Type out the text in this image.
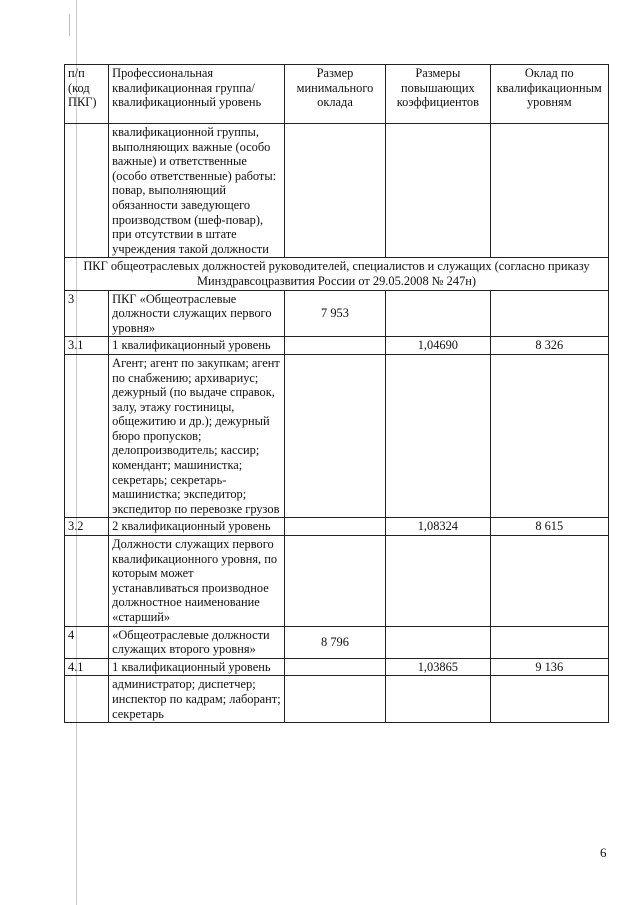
п/п (код ПКГ)	Профессиональная квалификационная группа/квалификационный уровень	Размер минимального оклада	Размеры повышающих коэффициентов	Оклад по квалификационным уровням
	квалификационной группы, выполняющих важные (особо важные) и ответственные (особо ответственные) работы: повар, выполняющий обязанности заведующего производством (шеф-повар), при отсутствии в штате учреждения такой должности			
ПКГ общеотраслевых должностей руководителей, специалистов и служащих (согласно приказу Минздравсоцразвития России от 29.05.2008 № 247н)				
3	ПКГ «Общеотраслевые должности служащих первого уровня»	7 953		
3.1	1 квалификационный уровень		1,04690	8 326
	Агент; агент по закупкам; агент по снабжению; архивариус; дежурный (по выдаче справок, залу, этажу гостиницы, общежитию и др.); дежурный бюро пропусков; делопроизводитель; кассир; комендант; машинистка; секретарь; секретарь-машинистка; экспедитор; экспедитор по перевозке грузов			
3.2	2 квалификационный уровень		1,08324	8 615
	Должности служащих первого квалификационного уровня, по которым может устанавливаться производное должностное наименование «старший»			
4	«Общеотраслевые должности служащих второго уровня»	8 796		
4.1	1 квалификационный уровень		1,03865	9 136
	администратор; диспетчер; инспектор по кадрам; лаборант; секретарь			
6
